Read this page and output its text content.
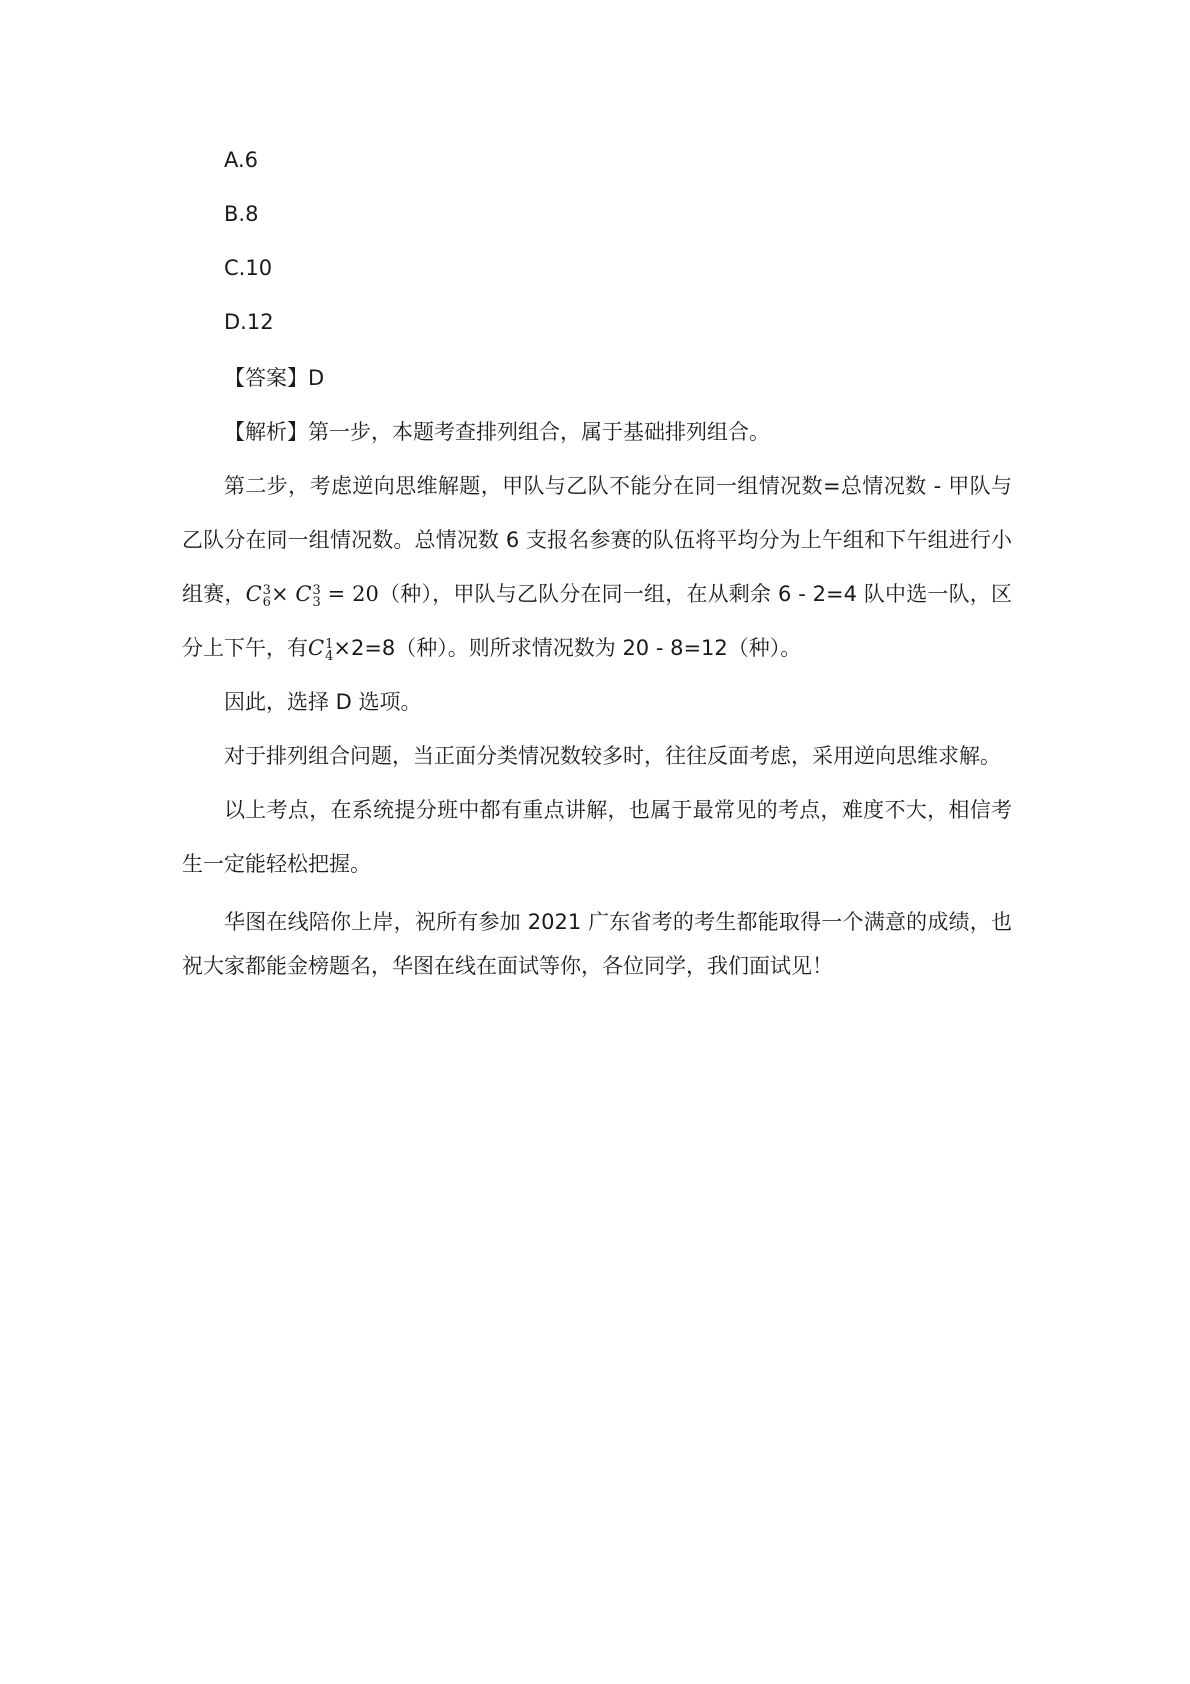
A.6
B.8
C.10
D.12
【答案】D
【解析】第一步，本题考查排列组合，属于基础排列组合。
第二步，考虑逆向思维解题，甲队与乙队不能分在同一组情况数=总情况数 - 甲队与乙队分在同一组情况数。总情况数 6 支报名参赛的队伍将平均分为上午组和下午组进行小组赛，C 3
6 × C 3
3 = 20（种），甲队与乙队分在同一组，在从剩余 6 - 2=4 队中选一队，区分上下午，有C 1
4 ×2=8（种）。则所求情况数为 20 - 8=12（种）。
因此，选择 D 选项。
对于排列组合问题，当正面分类情况数较多时，往往反面考虑，采用逆向思维求解。
以上考点，在系统提分班中都有重点讲解，也属于最常见的考点，难度不大，相信考生一定能轻松把握。
华图在线陪你上岸，祝所有参加 2021 广东省考的考生都能取得一个满意的成绩，也祝大家都能金榜题名，华图在线在面试等你，各位同学，我们面试见！
